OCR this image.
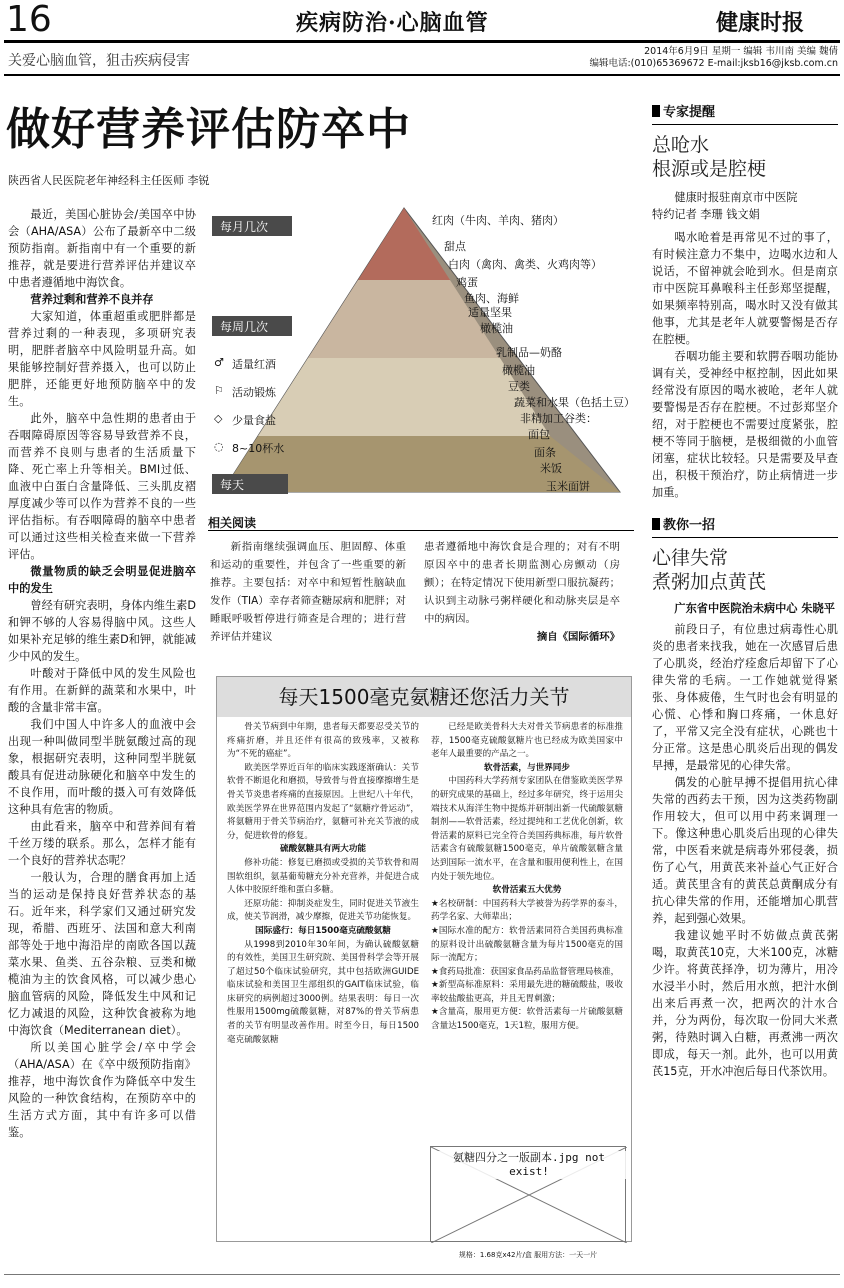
16	疾病防治·心脑血管	健康时报
关爱心脑血管，狙击疾病侵害
2014年6月9日 星期一 编辑 韦川南 美编 魏倩
编辑电话:(010)65369672 E-mail:jksb16@jksb.com.cn
做好营养评估防卒中
陕西省人民医院老年神经科主任医师 李锐

最近，美国心脏协会/美国卒中协会（AHA/ASA）公布了最新卒中二级预防指南。新指南中有一个重要的新推荐，就是要进行营养评估并建议卒中患者遵循地中海饮食。

营养过剩和营养不良并存

大家知道，体重超重或肥胖都是营养过剩的一种表现，多项研究表明，肥胖者脑卒中风险明显升高。如果能够控制好营养摄入，也可以防止肥胖，还能更好地预防脑卒中的发生。

此外，脑卒中急性期的患者由于吞咽障碍原因等容易导致营养不良，而营养不良则与患者的生活质量下降、死亡率上升等相关。BMI过低、血液中白蛋白含量降低、三头肌皮褶厚度减少等可以作为营养不良的一些评估指标。有吞咽障碍的脑卒中患者可以通过这些相关检查来做一下营养评估。

微量物质的缺乏会明显促进脑卒中的发生

曾经有研究表明，身体内维生素D和钾不够的人容易得脑中风。这些人如果补充足够的维生素D和钾，就能减少中风的发生。

叶酸对于降低中风的发生风险也有作用。在新鲜的蔬菜和水果中，叶酸的含量非常丰富。

我们中国人中许多人的血液中会出现一种叫做同型半胱氨酸过高的现象，根据研究表明，这种同型半胱氨酸具有促进动脉硬化和脑卒中发生的不良作用，而叶酸的摄入可有效降低这种具有危害的物质。

由此看来，脑卒中和营养间有着千丝万缕的联系。那么，怎样才能有一个良好的营养状态呢？

一般认为，合理的膳食再加上适当的运动是保持良好营养状态的基石。近年来，科学家们又通过研究发现，希腊、西班牙、法国和意大利南部等处于地中海沿岸的南欧各国以蔬菜水果、鱼类、五谷杂粮、豆类和橄榄油为主的饮食风格，可以减少患心脑血管病的风险，降低发生中风和记忆力减退的风险，这种饮食被称为地中海饮食（Mediterranean diet）。

所以美国心脏学会/卒中学会（AHA/ASA）在《卒中级预防指南》推荐，地中海饮食作为降低卒中发生风险的一种饮食结构，在预防卒中的生活方式方面，其中有许多可以借鉴。

每月几次
每周几次
每天
红肉（牛肉、羊肉、猪肉）
甜点
白肉（禽肉、禽类、火鸡肉等）
鸡蛋
鱼肉、海鲜
适量坚果
橄榄油
乳制品—奶酪
橄榄油
豆类
蔬菜和水果（色括土豆）
非精加工谷类：
面包
面条
米饭
玉米面饼
♂ 适量红酒
⚐ 活动锻炼
◇ 少量食盐
◌ 8~10杯水
相关阅读
新指南继续强调血压、胆固醇、体重和运动的重要性，并包含了一些重要的新推荐。主要包括：对卒中和短暂性脑缺血发作（TIA）幸存者筛查糖尿病和肥胖；对睡眠呼吸暂停进行筛查是合理的；进行营养评估并建议
患者遵循地中海饮食是合理的；对有不明原因卒中的患者长期监测心房颤动（房颤）；在特定情况下使用新型口服抗凝药；认识到主动脉弓粥样硬化和动脉夹层是卒中的病因。
摘自《国际循环》
每天1500毫克氨糖还您活力关节
骨关节病到中年期，患者每天都要忍受关节的疼痛折磨，并且还伴有很高的致残率，又被称为“不死的癌症”。
欧美医学界近百年的临床实践逐渐确认：关节软骨不断退化和磨损，导致骨与骨直接摩擦增生是骨关节炎患者疼痛的直接原因。上世纪八十年代，欧美医学界在世界范围内发起了“氨糖疗骨运动”，将氨糖用于骨关节病治疗，氨糖可补充关节液的成分，促进软骨的修复。
硫酸氨糖具有两大功能
修补功能：修复已磨损或受损的关节软骨和周围软组织，氨基葡萄糖充分补充营养，并促进合成人体中胶原纤维和蛋白多糖。
还原功能：抑制炎症发生，同时促进关节液生成，使关节润滑，减少摩擦，促进关节功能恢复。
国际盛行：每日1500毫克硫酸氨糖
从1998到2010年30年间，为确认硫酸氨糖的有效性，美国卫生研究院、美国骨科学会等开展了超过50个临床试验研究，其中包括欧洲GUIDE临床试验和美国卫生部组织的GAIT临床试验，临床研究的病例超过3000例。结果表明：每日一次性服用1500mg硫酸氨糖，对87%的骨关节病患者的关节有明显改善作用。时至今日，每日1500毫克硫酸氨糖
已经是欧美骨科大夫对骨关节病患者的标准推荐，1500毫克硫酸氨糖片也已经成为欧美国家中老年人最重要的产品之一。
软骨活素，与世界同步
中国药科大学药剂专家团队在借鉴欧美医学界的研究成果的基础上，经过多年研究，终于运用尖端技术从海洋生物中提炼并研制出新一代硫酸氨糖制剂——软骨活素，经过提纯和工艺优化创新，软骨活素的原料已完全符合美国药典标准，每片软骨活素含有硫酸氨糖1500毫克，单片硫酸氨糖含量达到国际一流水平，在含量和服用便利性上，在国内处于领先地位。
软骨活素五大优势
★名校研制：中国药科大学被誉为药学界的泰斗，药学名家、大师辈出；
★国际水准的配方：软骨活素同符合美国药典标准的原料设计出硫酸氨糖含量为每片1500毫克的国际一流配方；
★食药局批准：获国家食品药品监督管理局核准，
★新型高标准原料：采用最先进的糖硫酸盐，吸收率较盐酸盐更高，并且无胃刺激；
★含量高，服用更方便：软骨活素每一片硫酸氨糖含量达1500毫克，1天1粒，服用方便。
氨糖四分之一版副本.jpg not exist!
规格：1.68克x42片/盒 服用方法：一天一片
专家提醒
总呛水
根源或是腔梗
健康时报驻南京市中医院
特约记者 李珊 钱文娟

喝水呛着是再常见不过的事了，有时候注意力不集中，边喝水边和人说话，不留神就会呛到水。但是南京市中医院耳鼻喉科主任彭郑坚提醒，如果频率特别高，喝水时又没有做其他事，尤其是老年人就要警惕是否存在腔梗。

吞咽功能主要和软腭吞咽功能协调有关，受神经中枢控制，因此如果经常没有原因的喝水被呛，老年人就要警惕是否存在腔梗。不过彭郑坚介绍，对于腔梗也不需要过度紧张，腔梗不等同于脑梗，是极细微的小血管闭塞，症状比较轻。只是需要及早查出，积极干预治疗，防止病情进一步加重。

教你一招
心律失常
煮粥加点黄芪
广东省中医院治未病中心 朱晓平

前段日子，有位患过病毒性心肌炎的患者来找我，她在一次感冒后患了心肌炎，经治疗痊愈后却留下了心律失常的毛病。一工作她就觉得紧张、身体疲倦，生气时也会有明显的心慌、心悸和胸口疼痛，一休息好了，平常又完全没有症状，心跳也十分正常。这是患心肌炎后出现的偶发早搏，是最常见的心律失常。

偶发的心脏早搏不提倡用抗心律失常的西药去干预，因为这类药物副作用较大，但可以用中药来调理一下。像这种患心肌炎后出现的心律失常，中医看来就是病毒外邪侵袭，损伤了心气，用黄芪来补益心气正好合适。黄芪里含有的黄芪总黄酮成分有抗心律失常的作用，还能增加心肌营养，起到强心效果。

我建议她平时不妨做点黄芪粥喝，取黄芪10克，大米100克，冰糖少许。将黄芪择净，切为薄片，用冷水浸半小时，然后用水煎，把汁水倒出来后再煮一次，把两次的汁水合并，分为两份，每次取一份同大米煮粥，待熟时调入白糖，再煮沸一两次即成，每天一剂。此外，也可以用黄芪15克，开水冲泡后每日代茶饮用。
